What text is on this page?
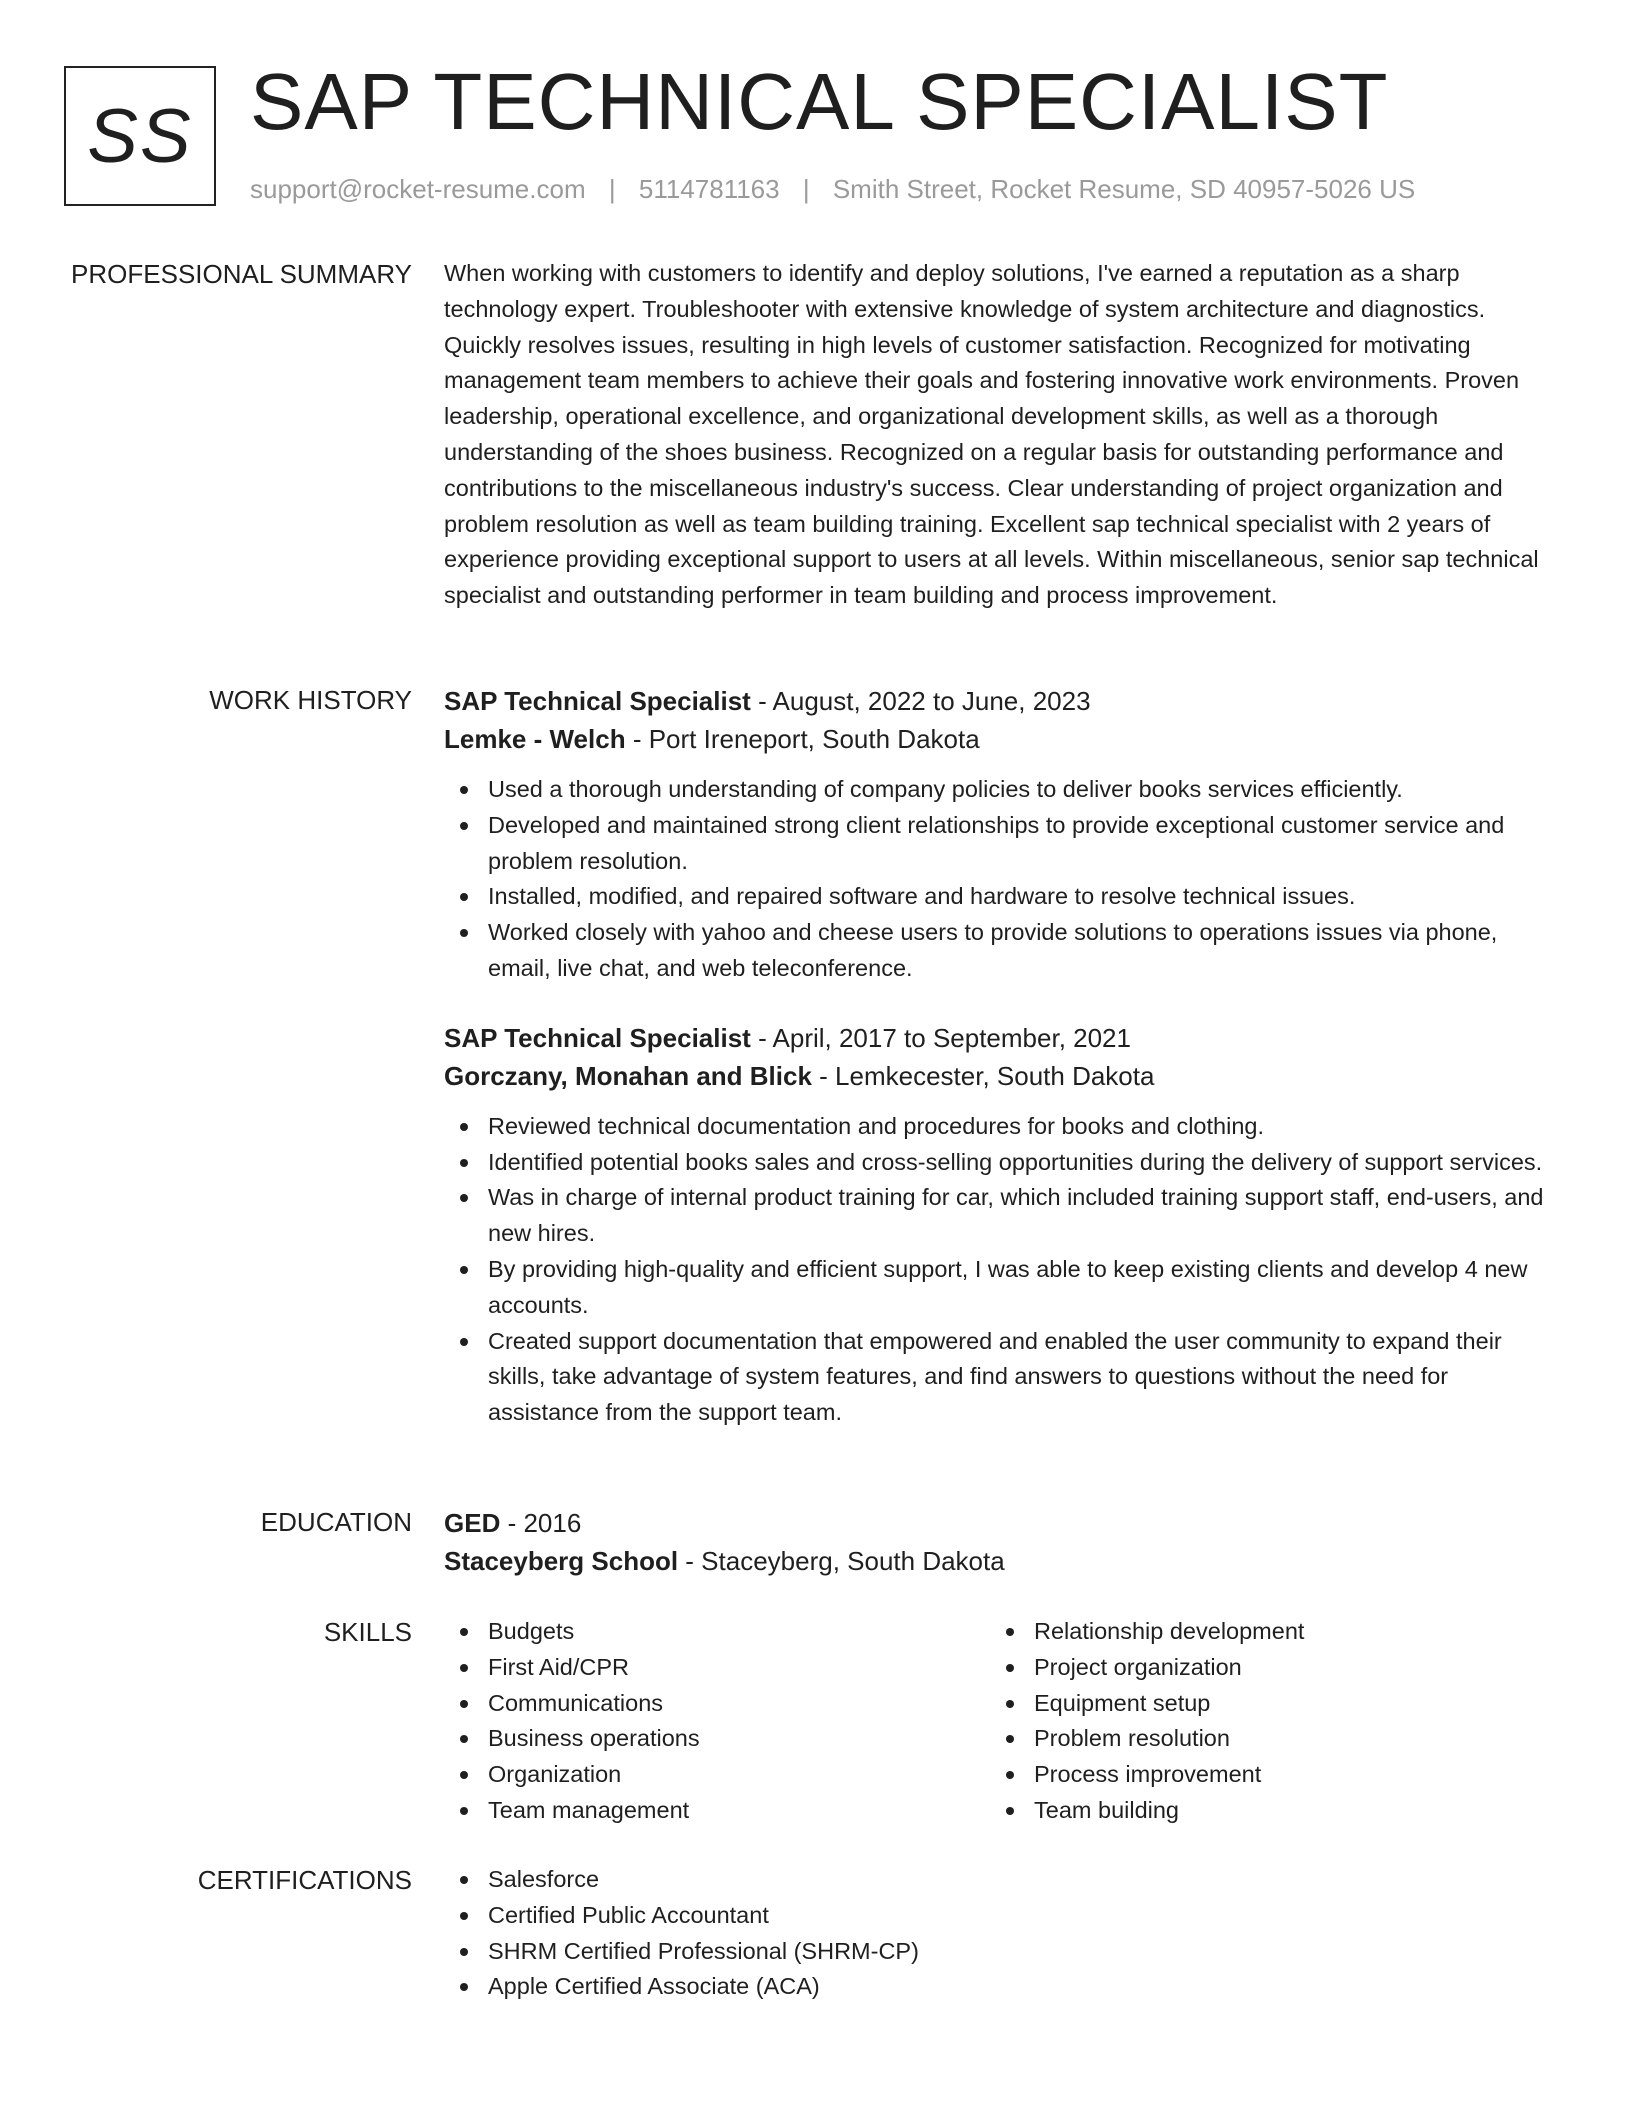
SS SAP TECHNICAL SPECIALIST
support@rocket-resume.com | 5114781163 | Smith Street, Rocket Resume, SD 40957-5026 US
PROFESSIONAL SUMMARY When working with customers to identify and deploy solutions, I've earned a reputation as a sharp technology expert. Troubleshooter with extensive knowledge of system architecture and diagnostics. Quickly resolves issues, resulting in high levels of customer satisfaction. Recognized for motivating management team members to achieve their goals and fostering innovative work environments. Proven leadership, operational excellence, and organizational development skills, as well as a thorough understanding of the shoes business. Recognized on a regular basis for outstanding performance and contributions to the miscellaneous industry's success. Clear understanding of project organization and problem resolution as well as team building training. Excellent sap technical specialist with 2 years of experience providing exceptional support to users at all levels. Within miscellaneous, senior sap technical specialist and outstanding performer in team building and process improvement.

WORK HISTORY SAP Technical Specialist - August, 2022 to June, 2023
Lemke - Welch - Port Ireneport, South Dakota
Used a thorough understanding of company policies to deliver books services efficiently.
Developed and maintained strong client relationships to provide exceptional customer service and problem resolution.
Installed, modified, and repaired software and hardware to resolve technical issues.
Worked closely with yahoo and cheese users to provide solutions to operations issues via phone, email, live chat, and web teleconference.
SAP Technical Specialist - April, 2017 to September, 2021
Gorczany, Monahan and Blick - Lemkecester, South Dakota
Reviewed technical documentation and procedures for books and clothing.
Identified potential books sales and cross-selling opportunities during the delivery of support services.
Was in charge of internal product training for car, which included training support staff, end-users, and new hires.
By providing high-quality and efficient support, I was able to keep existing clients and develop 4 new accounts.
Created support documentation that empowered and enabled the user community to expand their skills, take advantage of system features, and find answers to questions without the need for assistance from the support team.
EDUCATION GED - 2016
Staceyberg School - Staceyberg, South Dakota
SKILLS	Budgets
First Aid/CPR
Communications
Business operations
Organization
Team management
Relationship development
Project organization
Equipment setup
Problem resolution
Process improvement
Team building
CERTIFICATIONS	Salesforce
Certified Public Accountant
SHRM Certified Professional (SHRM-CP)
Apple Certified Associate (ACA)
